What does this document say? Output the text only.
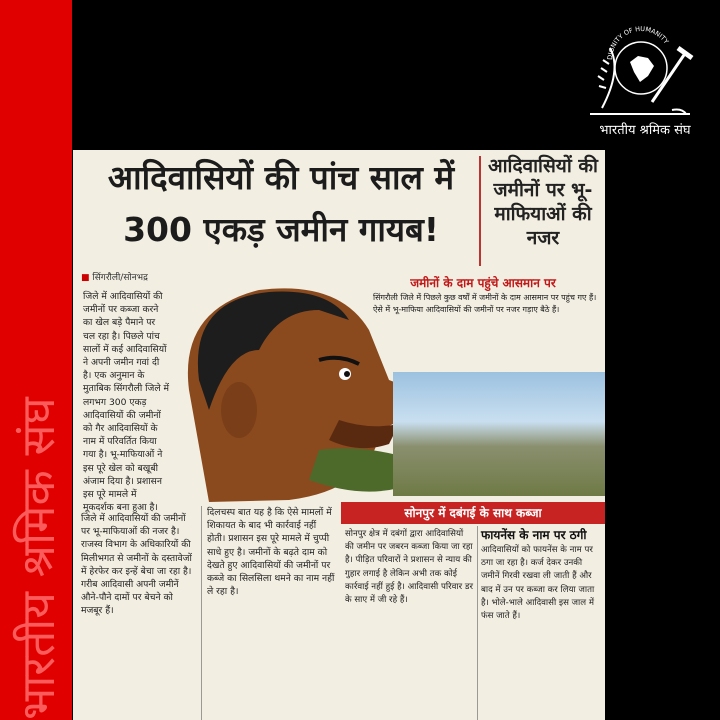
भारतीय श्रमिक संघ
DIGNITY OF HUMANITY
भारतीय श्रमिक संघ
आदिवासियों की पांच साल में
300 एकड़ जमीन गायब!
आदिवासियों की जमीनों पर भू-माफियाओं की नजर
■ सिंगरौली/सोनभद्र	जमीनों के दाम पहुंचे आसमान पर
सिंगरौली जिले में पिछले कुछ वर्षों में जमीनों के दाम आसमान पर पहुंच गए हैं। ऐसे में भू-माफिया आदिवासियों की जमीनों पर नजर गड़ाए बैठे हैं।
जिले में आदिवासियों की जमीनों पर कब्जा करने का खेल बड़े पैमाने पर चल रहा है। पिछले पांच सालों में कई आदिवासियों ने अपनी जमीन गवां दी है। एक अनुमान के मुताबिक सिंगरौली जिले में लगभग 300 एकड़ आदिवासियों की जमीनों को गैर आदिवासियों के नाम में परिवर्तित किया गया है। भू-माफियाओं ने इस पूरे खेल को बखूबी अंजाम दिया है। प्रशासन इस पूरे मामले में मूकदर्शक बना हुआ है।
जिले में आदिवासियों की जमीनों पर भू-माफियाओं की नजर है। राजस्व विभाग के अधिकारियों की मिलीभगत से जमीनों के दस्तावेजों में हेरफेर कर इन्हें बेचा जा रहा है। गरीब आदिवासी अपनी जमीनें औने-पौने दामों पर बेचने को मजबूर हैं।
दिलचस्प बात यह है कि ऐसे मामलों में शिकायत के बाद भी कार्रवाई नहीं होती। प्रशासन इस पूरे मामले में चुप्पी साधे हुए है। जमीनों के बढ़ते दाम को देखते हुए आदिवासियों की जमीनों पर कब्जे का सिलसिला थमने का नाम नहीं ले रहा है।
सोनपुर में दबंगई के साथ कब्जा
सोनपुर क्षेत्र में दबंगों द्वारा आदिवासियों की जमीन पर जबरन कब्जा किया जा रहा है। पीड़ित परिवारों ने प्रशासन से न्याय की गुहार लगाई है लेकिन अभी तक कोई कार्रवाई नहीं हुई है। आदिवासी परिवार डर के साए में जी रहे हैं।
फायनेंस के नाम पर ठगी
आदिवासियों को फायनेंस के नाम पर ठगा जा रहा है। कर्ज देकर उनकी जमीनें गिरवी रखवा ली जाती हैं और बाद में उन पर कब्जा कर लिया जाता है। भोले-भाले आदिवासी इस जाल में फंस जाते हैं।
